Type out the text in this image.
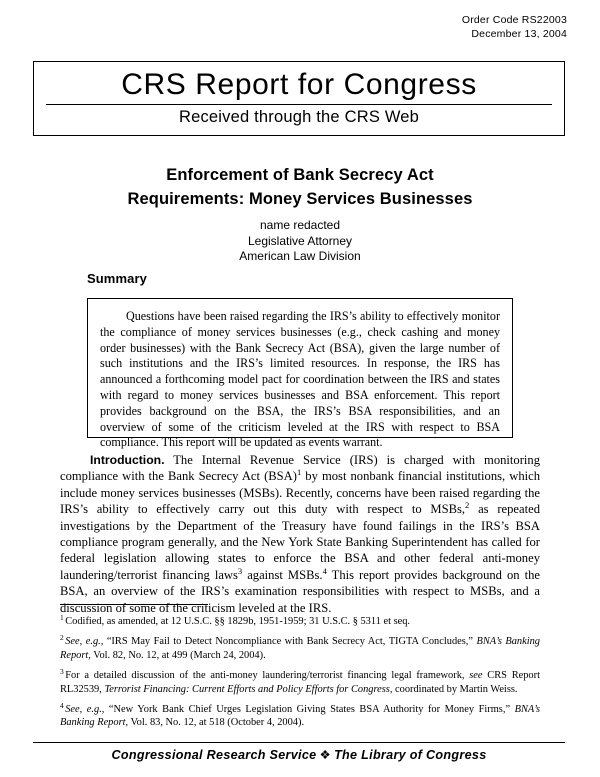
Order Code RS22003
December 13, 2004
CRS Report for Congress
Received through the CRS Web
Enforcement of Bank Secrecy Act
Requirements: Money Services Businesses
name redacted
Legislative Attorney
American Law Division
Summary
Questions have been raised regarding the IRS’s ability to effectively monitor the compliance of money services businesses (e.g., check cashing and money order businesses) with the Bank Secrecy Act (BSA), given the large number of such institutions and the IRS’s limited resources. In response, the IRS has announced a forthcoming model pact for coordination between the IRS and states with regard to money services businesses and BSA enforcement. This report provides background on the BSA, the IRS’s BSA responsibilities, and an overview of some of the criticism leveled at the IRS with respect to BSA compliance. This report will be updated as events warrant.

Introduction. The Internal Revenue Service (IRS) is charged with monitoring compliance with the Bank Secrecy Act (BSA)$^1$ by most nonbank financial institutions, which include money services businesses (MSBs). Recently, concerns have been raised regarding the IRS’s ability to effectively carry out this duty with respect to MSBs,$^2$ as repeated investigations by the Department of the Treasury have found failings in the IRS’s BSA compliance program generally, and the New York State Banking Superintendent has called for federal legislation allowing states to enforce the BSA and other federal anti-money laundering/terrorist financing laws$^3$ against MSBs.$^4$ This report provides background on the BSA, an overview of the IRS’s examination responsibilities with respect to MSBs, and a discussion of some of the criticism leveled at the IRS.

$^1$ Codified, as amended, at 12 U.S.C. §§ 1829b, 1951-1959; 31 U.S.C. § 5311 et seq.
$^2$ See, e.g., “IRS May Fail to Detect Noncompliance with Bank Secrecy Act, TIGTA Concludes,” BNA’s Banking Report, Vol. 82, No. 12, at 499 (March 24, 2004).
$^3$ For a detailed discussion of the anti-money laundering/terrorist financing legal framework, see CRS Report RL32539, Terrorist Financing: Current Efforts and Policy Efforts for Congress, coordinated by Martin Weiss.
$^4$ See, e.g., “New York Bank Chief Urges Legislation Giving States BSA Authority for Money Firms,” BNA’s Banking Report, Vol. 83, No. 12, at 518 (October 4, 2004).
Congressional Research Service ❖ The Library of Congress
